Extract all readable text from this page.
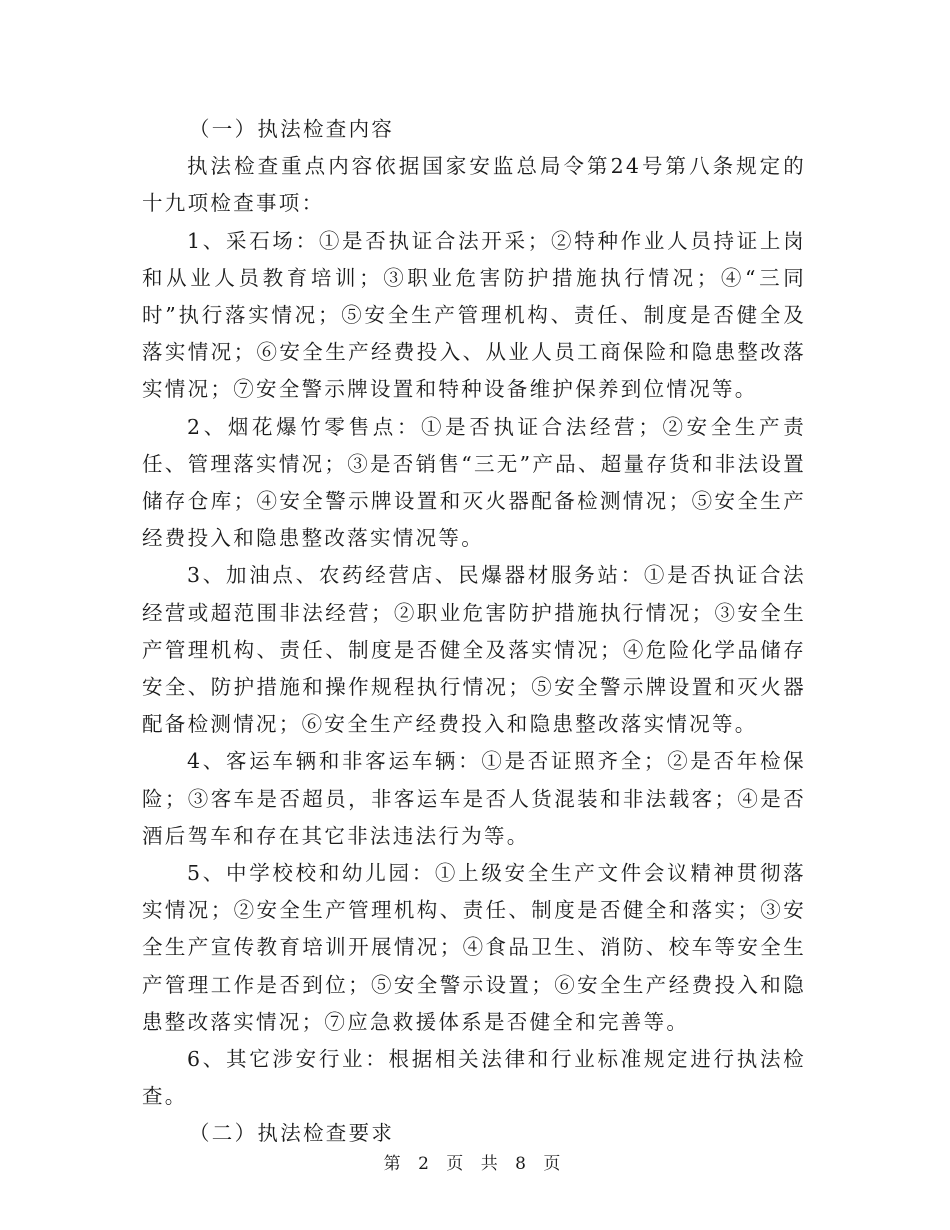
（一）执法检查内容

执法检查重点内容依据国家安监总局令第24号第八条规定的十九项检查事项：

1、采石场：①是否执证合法开采；②特种作业人员持证上岗和从业人员教育培训；③职业危害防护措施执行情况；④“三同时”执行落实情况；⑤安全生产管理机构、责任、制度是否健全及落实情况；⑥安全生产经费投入、从业人员工商保险和隐患整改落实情况；⑦安全警示牌设置和特种设备维护保养到位情况等。

2、烟花爆竹零售点：①是否执证合法经营；②安全生产责任、管理落实情况；③是否销售“三无”产品、超量存货和非法设置储存仓库；④安全警示牌设置和灭火器配备检测情况；⑤安全生产经费投入和隐患整改落实情况等。

3、加油点、农药经营店、民爆器材服务站：①是否执证合法经营或超范围非法经营；②职业危害防护措施执行情况；③安全生产管理机构、责任、制度是否健全及落实情况；④危险化学品储存安全、防护措施和操作规程执行情况；⑤安全警示牌设置和灭火器配备检测情况；⑥安全生产经费投入和隐患整改落实情况等。

4、客运车辆和非客运车辆：①是否证照齐全；②是否年检保险；③客车是否超员，非客运车是否人货混装和非法载客；④是否酒后驾车和存在其它非法违法行为等。

5、中学校校和幼儿园：①上级安全生产文件会议精神贯彻落实情况；②安全生产管理机构、责任、制度是否健全和落实；③安全生产宣传教育培训开展情况；④食品卫生、消防、校车等安全生产管理工作是否到位；⑤安全警示设置；⑥安全生产经费投入和隐患整改落实情况；⑦应急救援体系是否健全和完善等。

6、其它涉安行业：根据相关法律和行业标准规定进行执法检查。

（二）执法检查要求

第 2 页 共 8 页
